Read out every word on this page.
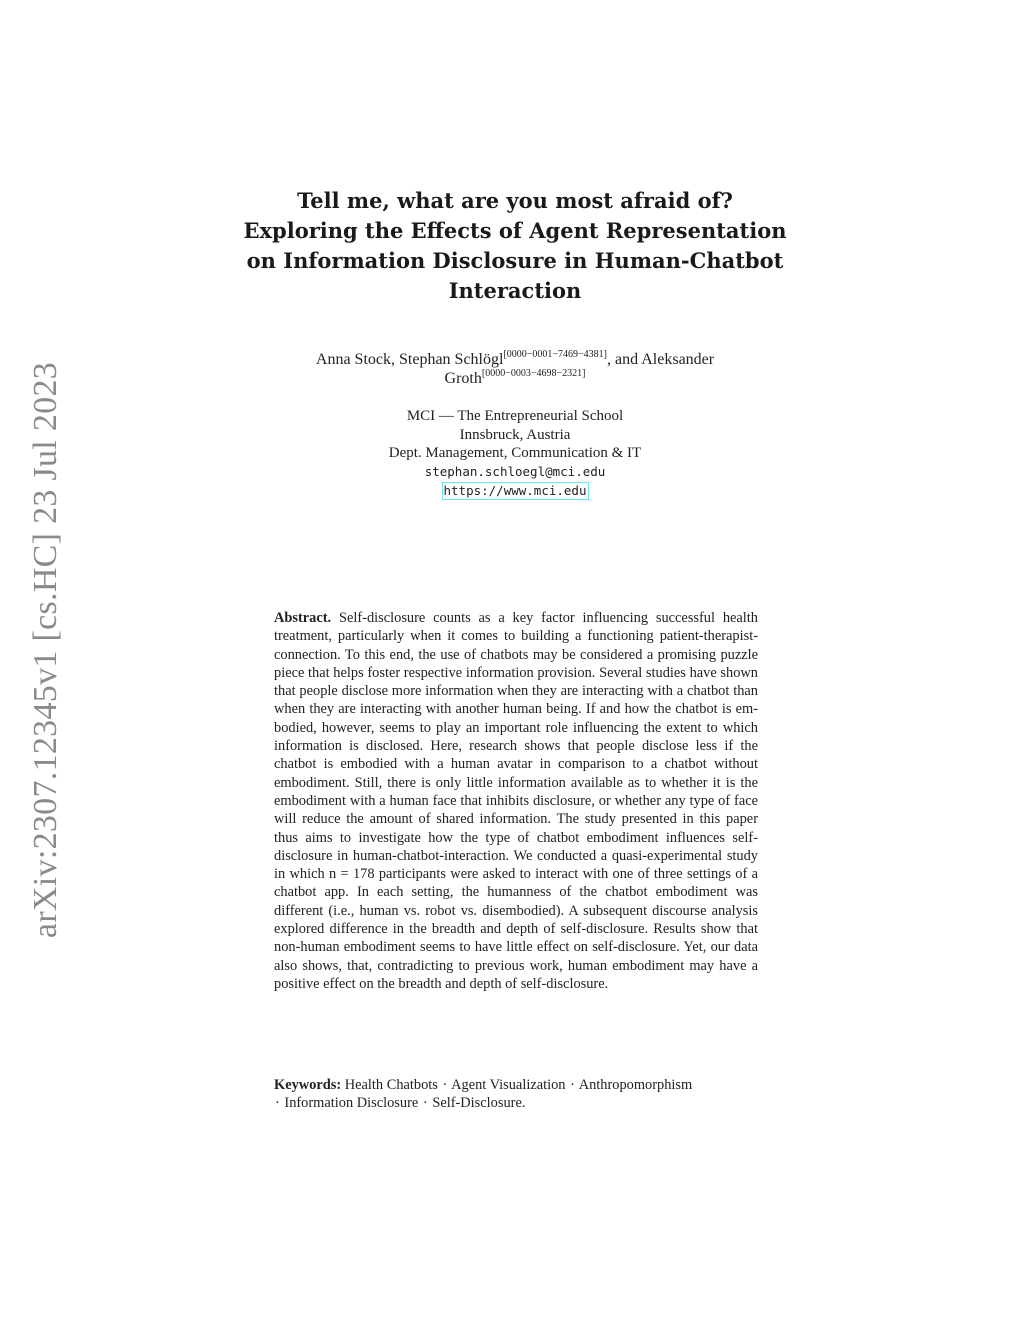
arXiv:2307.12345v1 [cs.HC] 23 Jul 2023
Tell me, what are you most afraid of?
Exploring the Effects of Agent Representation
on Information Disclosure in Human-Chatbot
Interaction
Anna Stock, Stephan Schlögl[0000−0001−7469−4381], and Aleksander
Groth[0000−0003−4698−2321]
MCI — The Entrepreneurial School
Innsbruck, Austria
Dept. Management, Communication & IT
stephan.schloegl@mci.edu
https://www.mci.edu
Abstract. Self-disclosure counts as a key factor influencing successful health treatment, particularly when it comes to building a functioning patient-therapist-connection. To this end, the use of chatbots may be considered a promising puzzle piece that helps foster respective information provision. Several studies have shown that people disclose more information when they are interacting with a chatbot than when they are interacting with another human being. If and how the chatbot is embodied, however, seems to play an important role influencing the extent to which information is disclosed. Here, research shows that people disclose less if the chatbot is embodied with a human avatar in comparison to a chatbot without embodiment. Still, there is only little information available as to whether it is the embodiment with a human face that inhibits disclosure, or whether any type of face will reduce the amount of shared information. The study presented in this paper thus aims to investigate how the type of chatbot embodiment influences self-disclosure in human-chatbot-interaction. We conducted a quasi-experimental study in which n = 178 participants were asked to interact with one of three settings of a chatbot app. In each setting, the humanness of the chatbot embodiment was different (i.e., human vs. robot vs. disembodied). A subsequent discourse analysis explored difference in the breadth and depth of self-disclosure. Results show that non-human embodiment seems to have little effect on self-disclosure. Yet, our data also shows, that, contradicting to previous work, human embodiment may have a positive effect on the breadth and depth of self-disclosure.
Keywords: Health Chatbots · Agent Visualization · Anthropomorphism
· Information Disclosure · Self-Disclosure.
